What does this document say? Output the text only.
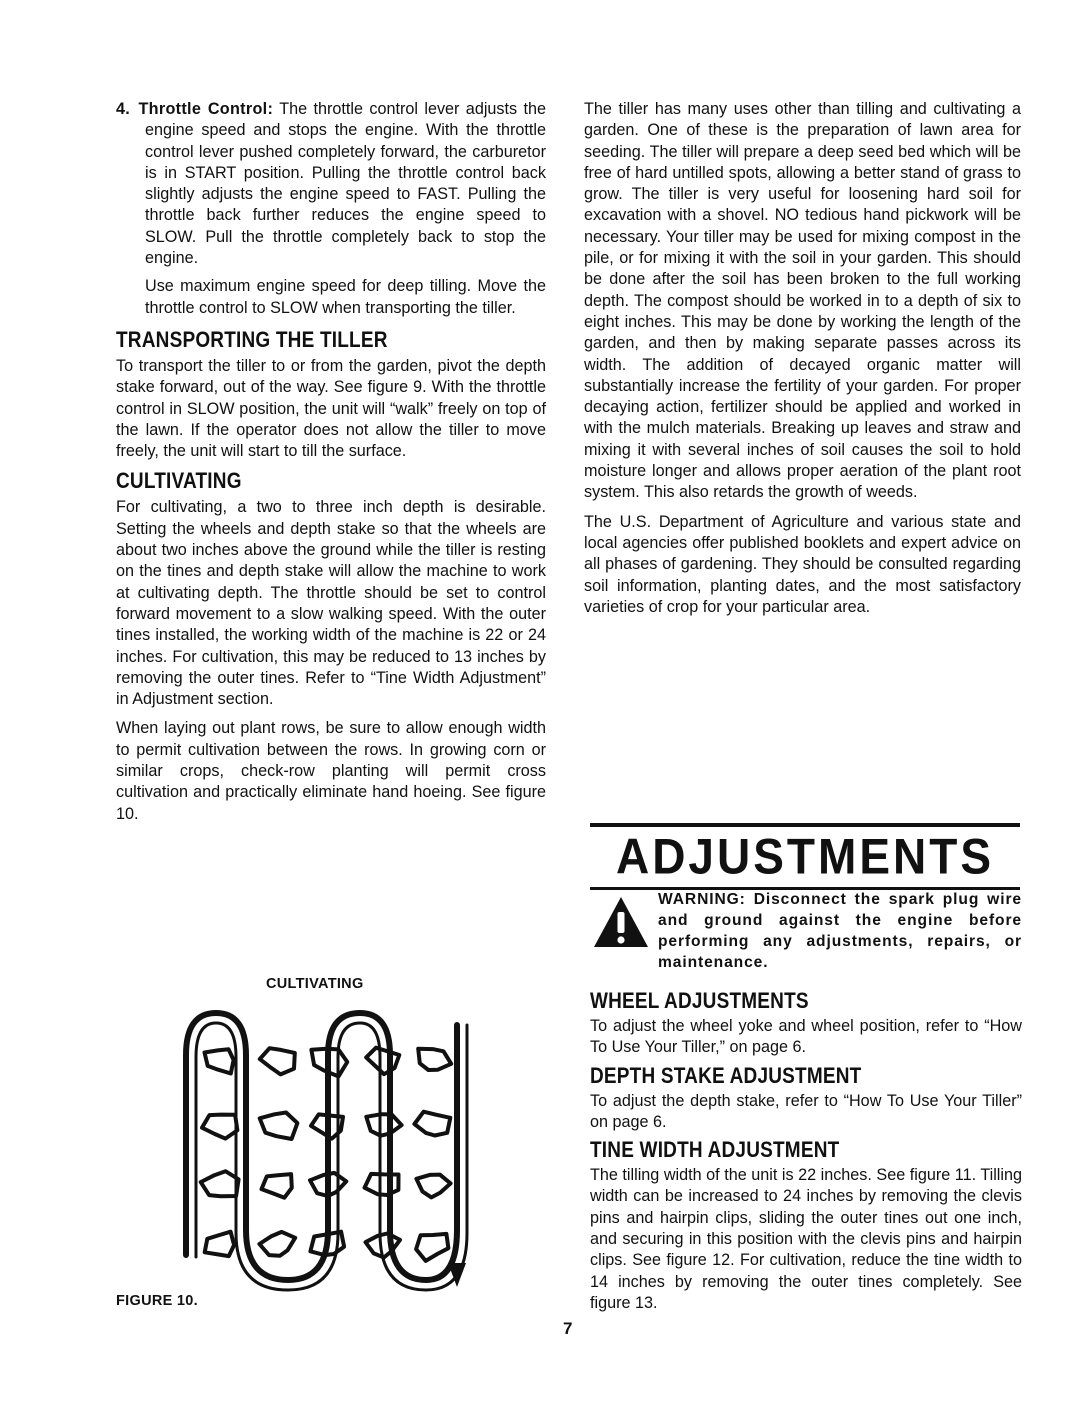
4. Throttle Control: The throttle control lever adjusts the engine speed and stops the engine. With the throttle control lever pushed completely forward, the carburetor is in START position. Pulling the throttle control back slightly adjusts the engine speed to FAST. Pulling the throttle back further reduces the engine speed to SLOW. Pull the throttle completely back to stop the engine.

Use maximum engine speed for deep tilling. Move the throttle control to SLOW when transporting the tiller.

TRANSPORTING THE TILLER

To transport the tiller to or from the garden, pivot the depth stake forward, out of the way. See figure 9. With the throttle control in SLOW position, the unit will “walk” freely on top of the lawn. If the operator does not allow the tiller to move freely, the unit will start to till the surface.

CULTIVATING

For cultivating, a two to three inch depth is desirable. Setting the wheels and depth stake so that the wheels are about two inches above the ground while the tiller is resting on the tines and depth stake will allow the machine to work at cultivating depth. The throttle should be set to control forward movement to a slow walking speed. With the outer tines installed, the working width of the machine is 22 or 24 inches. For cultivation, this may be reduced to 13 inches by removing the outer tines. Refer to “Tine Width Adjustment” in Adjustment section.

When laying out plant rows, be sure to allow enough width to permit cultivation between the rows. In growing corn or similar crops, check-row planting will permit cross cultivation and practically eliminate hand hoeing. See figure 10.

CULTIVATING
FIGURE 10.

The tiller has many uses other than tilling and cultivating a garden. One of these is the preparation of lawn area for seeding. The tiller will prepare a deep seed bed which will be free of hard untilled spots, allowing a better stand of grass to grow. The tiller is very useful for loosening hard soil for excavation with a shovel. NO tedious hand pickwork will be necessary. Your tiller may be used for mixing compost in the pile, or for mixing it with the soil in your garden. This should be done after the soil has been broken to the full working depth. The compost should be worked in to a depth of six to eight inches. This may be done by working the length of the garden, and then by making separate passes across its width. The addition of decayed organic matter will substantially increase the fertility of your garden. For proper decaying action, fertilizer should be applied and worked in with the mulch materials. Breaking up leaves and straw and mixing it with several inches of soil causes the soil to hold moisture longer and allows proper aeration of the plant root system. This also retards the growth of weeds.

The U.S. Department of Agriculture and various state and local agencies offer published booklets and expert advice on all phases of gardening. They should be consulted regarding soil information, planting dates, and the most satisfactory varieties of crop for your particular area.

ADJUSTMENTS
WARNING: Disconnect the spark plug wire and ground against the engine before performing any adjustments, repairs, or maintenance.
WHEEL ADJUSTMENTS

To adjust the wheel yoke and wheel position, refer to “How To Use Your Tiller,” on page 6.

DEPTH STAKE ADJUSTMENT

To adjust the depth stake, refer to “How To Use Your Tiller” on page 6.

TINE WIDTH ADJUSTMENT

The tilling width of the unit is 22 inches. See figure 11. Tilling width can be increased to 24 inches by removing the clevis pins and hairpin clips, sliding the outer tines out one inch, and securing in this position with the clevis pins and hairpin clips. See figure 12. For cultivation, reduce the tine width to 14 inches by removing the outer tines completely. See figure 13.

7
